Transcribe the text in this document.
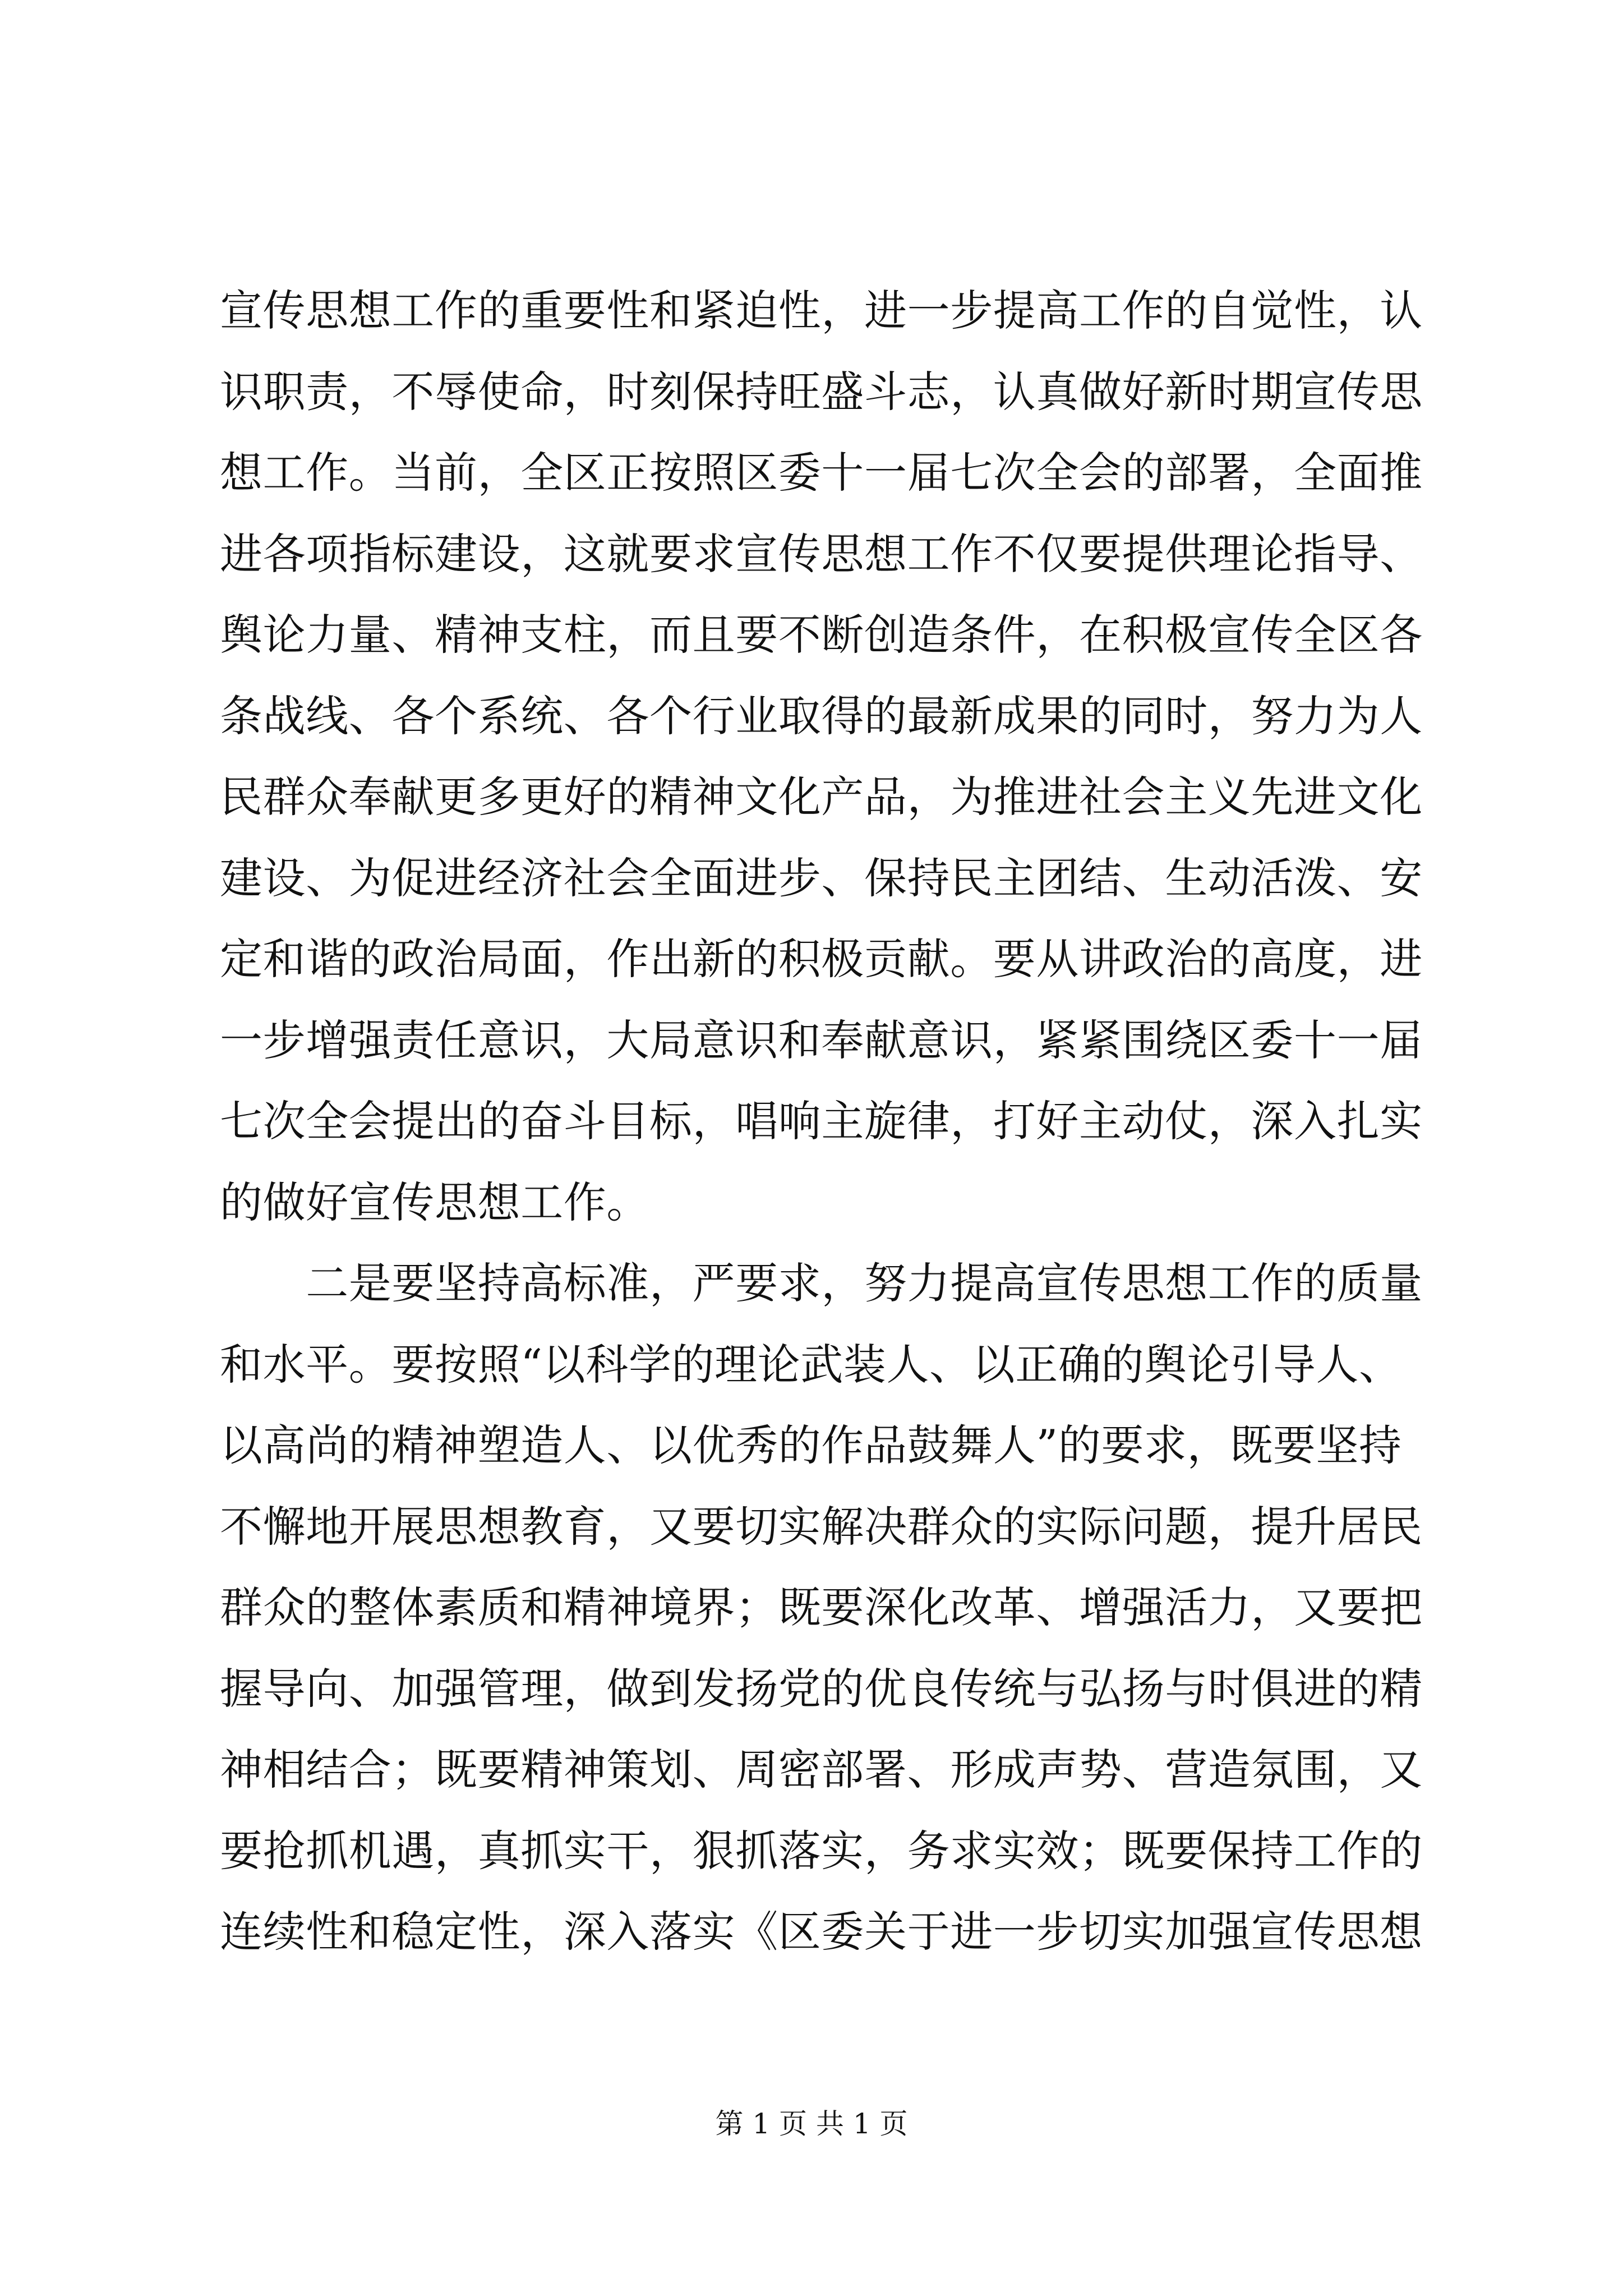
宣传思想工作的重要性和紧迫性，进一步提高工作的自觉性，认
识职责，不辱使命，时刻保持旺盛斗志，认真做好新时期宣传思
想工作。当前，全区正按照区委十一届七次全会的部署，全面推
进各项指标建设，这就要求宣传思想工作不仅要提供理论指导、
舆论力量、精神支柱，而且要不断创造条件，在积极宣传全区各
条战线、各个系统、各个行业取得的最新成果的同时，努力为人
民群众奉献更多更好的精神文化产品，为推进社会主义先进文化
建设、为促进经济社会全面进步、保持民主团结、生动活泼、安
定和谐的政治局面，作出新的积极贡献。要从讲政治的高度，进
一步增强责任意识，大局意识和奉献意识，紧紧围绕区委十一届
七次全会提出的奋斗目标，唱响主旋律，打好主动仗，深入扎实
的做好宣传思想工作。
　　二是要坚持高标准，严要求，努力提高宣传思想工作的质量
和水平。要按照“以科学的理论武装人、以正确的舆论引导人、
以高尚的精神塑造人、以优秀的作品鼓舞人”的要求，既要坚持
不懈地开展思想教育，又要切实解决群众的实际问题，提升居民
群众的整体素质和精神境界；既要深化改革、增强活力，又要把
握导向、加强管理，做到发扬党的优良传统与弘扬与时俱进的精
神相结合；既要精神策划、周密部署、形成声势、营造氛围，又
要抢抓机遇，真抓实干，狠抓落实，务求实效；既要保持工作的
连续性和稳定性，深入落实《区委关于进一步切实加强宣传思想
第 1 页 共 1 页
